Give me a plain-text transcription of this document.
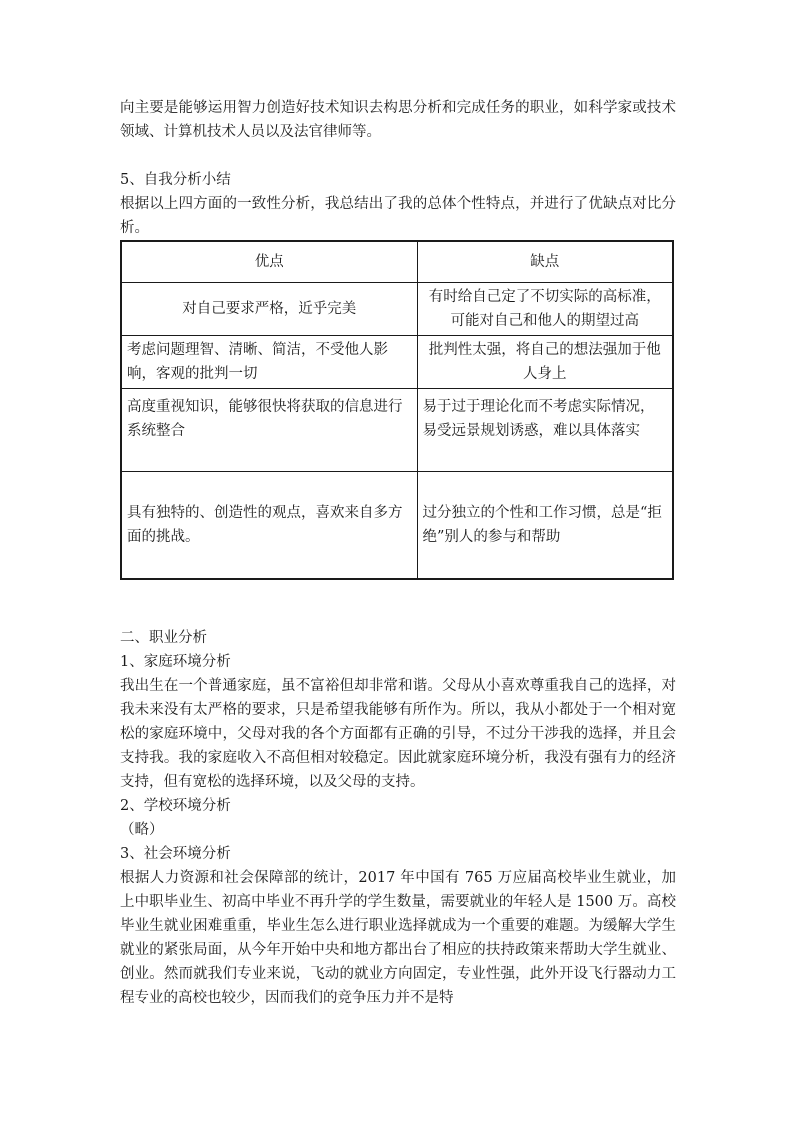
向主要是能够运用智力创造好技术知识去构思分析和完成任务的职业，如科学家或技术领域、计算机技术人员以及法官律师等。

5、自我分析小结

根据以上四方面的一致性分析，我总结出了我的总体个性特点，并进行了优缺点对比分析。

优点	缺点
对自己要求严格，近乎完美	有时给自己定了不切实际的高标准，可能对自己和他人的期望过高
考虑问题理智、清晰、简洁，不受他人影响，客观的批判一切	批判性太强，将自己的想法强加于他人身上
高度重视知识，能够很快将获取的信息进行系统整合	易于过于理论化而不考虑实际情况，易受远景规划诱惑，难以具体落实
具有独特的、创造性的观点，喜欢来自多方面的挑战。	过分独立的个性和工作习惯，总是“拒绝”别人的参与和帮助

二、职业分析

1、家庭环境分析

我出生在一个普通家庭，虽不富裕但却非常和谐。父母从小喜欢尊重我自己的选择，对我未来没有太严格的要求，只是希望我能够有所作为。所以，我从小都处于一个相对宽松的家庭环境中，父母对我的各个方面都有正确的引导，不过分干涉我的选择，并且会支持我。我的家庭收入不高但相对较稳定。因此就家庭环境分析，我没有强有力的经济支持，但有宽松的选择环境，以及父母的支持。

2、学校环境分析

（略）

3、社会环境分析

根据人力资源和社会保障部的统计，2017 年中国有 765 万应届高校毕业生就业，加上中职毕业生、初高中毕业不再升学的学生数量，需要就业的年轻人是 1500 万。高校毕业生就业困难重重，毕业生怎么进行职业选择就成为一个重要的难题。为缓解大学生就业的紧张局面，从今年开始中央和地方都出台了相应的扶持政策来帮助大学生就业、创业。然而就我们专业来说，飞动的就业方向固定，专业性强，此外开设飞行器动力工程专业的高校也较少，因而我们的竞争压力并不是特
